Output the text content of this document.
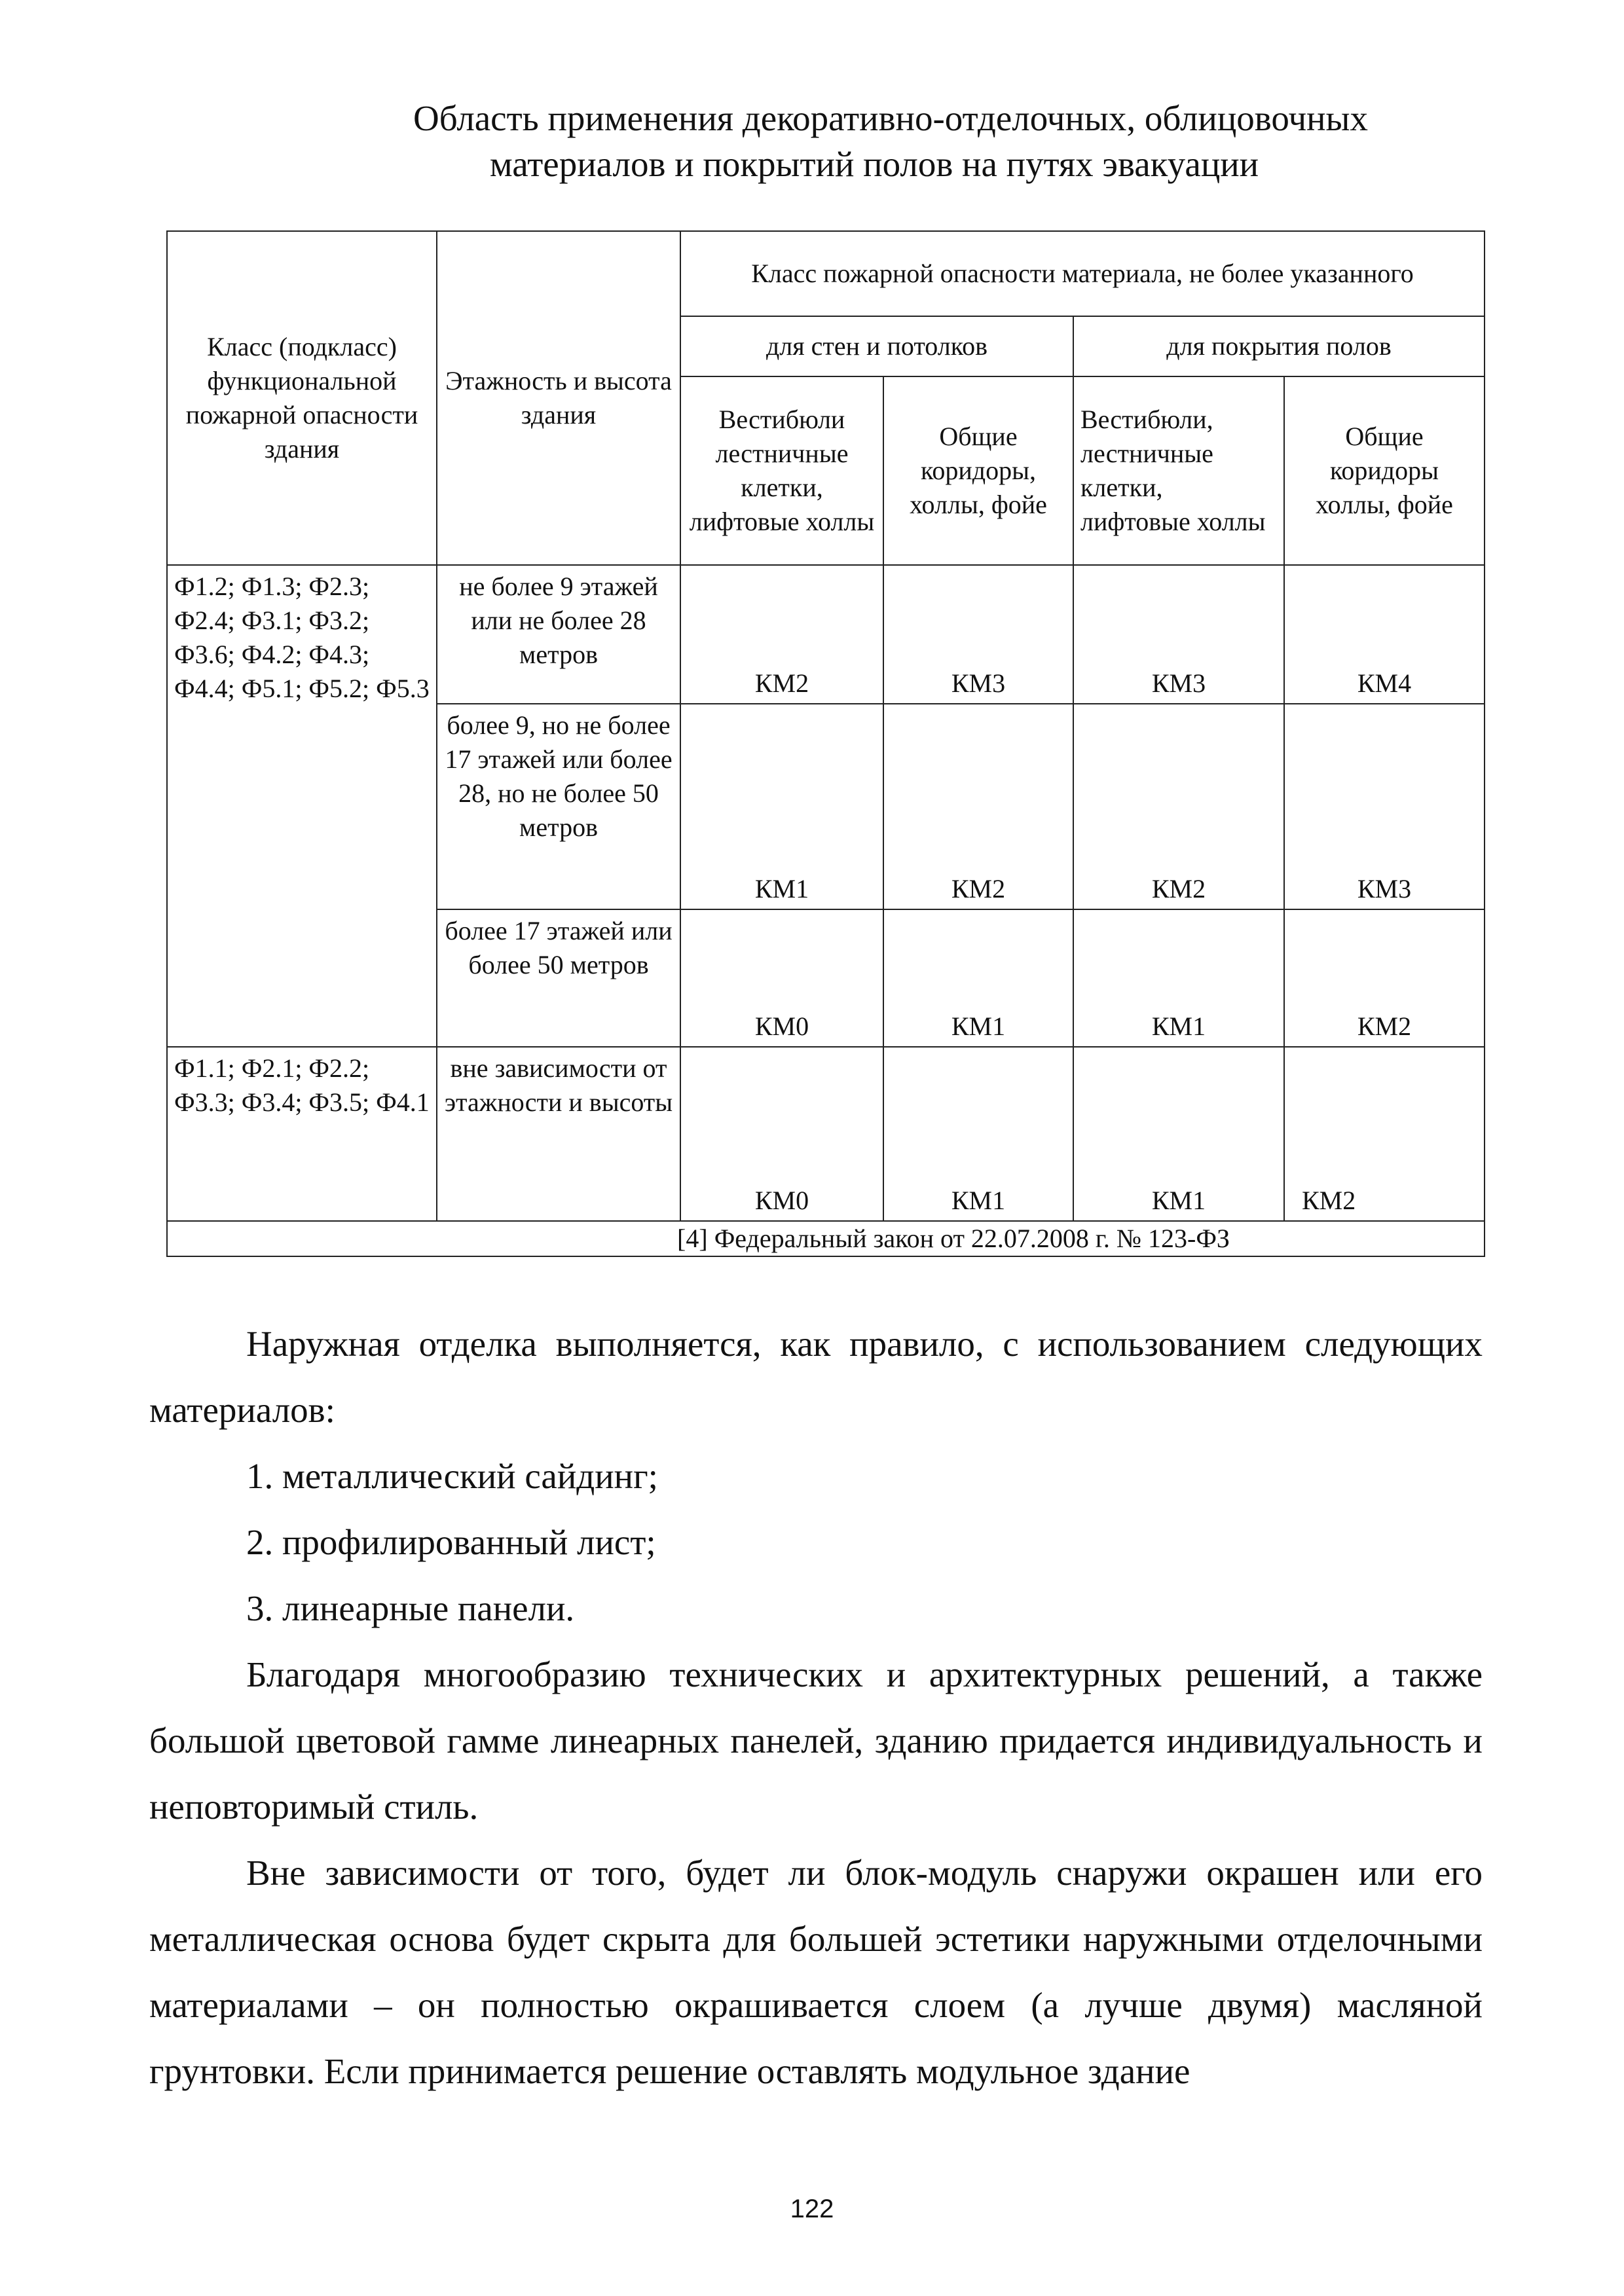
Область применения декоративно-отделочных, облицовочных
материалов и покрытий полов на путях эвакуации
Класс (подкласс) функциональной пожарной опасности здания	Этажность и высота здания	Класс пожарной опасности материала, не более указанного			
		для стен и потолков		для покрытия полов	
		Вестибюли лестничные клетки, лифтовые холлы	Общие коридоры, холлы, фойе	Вестибюли, лестничные клетки, лифтовые холлы	Общие коридоры холлы, фойе
Ф1.2; Ф1.3; Ф2.3; Ф2.4; Ф3.1; Ф3.2; Ф3.6; Ф4.2; Ф4.3; Ф4.4; Ф5.1; Ф5.2; Ф5.3	не более 9 этажей или не более 28 метров	КМ2	КМ3	КМ3	КМ4
	более 9, но не более 17 этажей или более 28, но не более 50 метров	КМ1	КМ2	КМ2	КМ3
	более 17 этажей или более 50 метров	КМ0	КМ1	КМ1	КМ2
Ф1.1; Ф2.1; Ф2.2; Ф3.3; Ф3.4; Ф3.5; Ф4.1	вне зависимости от этажности и высоты	КМ0	КМ1	КМ1	КМ2
[4] Федеральный закон от 22.07.2008 г. № 123-ФЗ					

Наружная отделка выполняется, как правило, с использованием следующих материалов:

1. металлический сайдинг;

2. профилированный лист;

3. линеарные панели.

Благодаря многообразию технических и архитектурных решений, а также большой цветовой гамме линеарных панелей, зданию придается индивидуальность и неповторимый стиль.

Вне зависимости от того, будет ли блок-модуль снаружи окрашен или его металлическая основа будет скрыта для большей эстетики наружными отделочными материалами – он полностью окрашивается слоем (а лучше двумя) масляной грунтовки. Если принимается решение оставлять модульное здание

122
